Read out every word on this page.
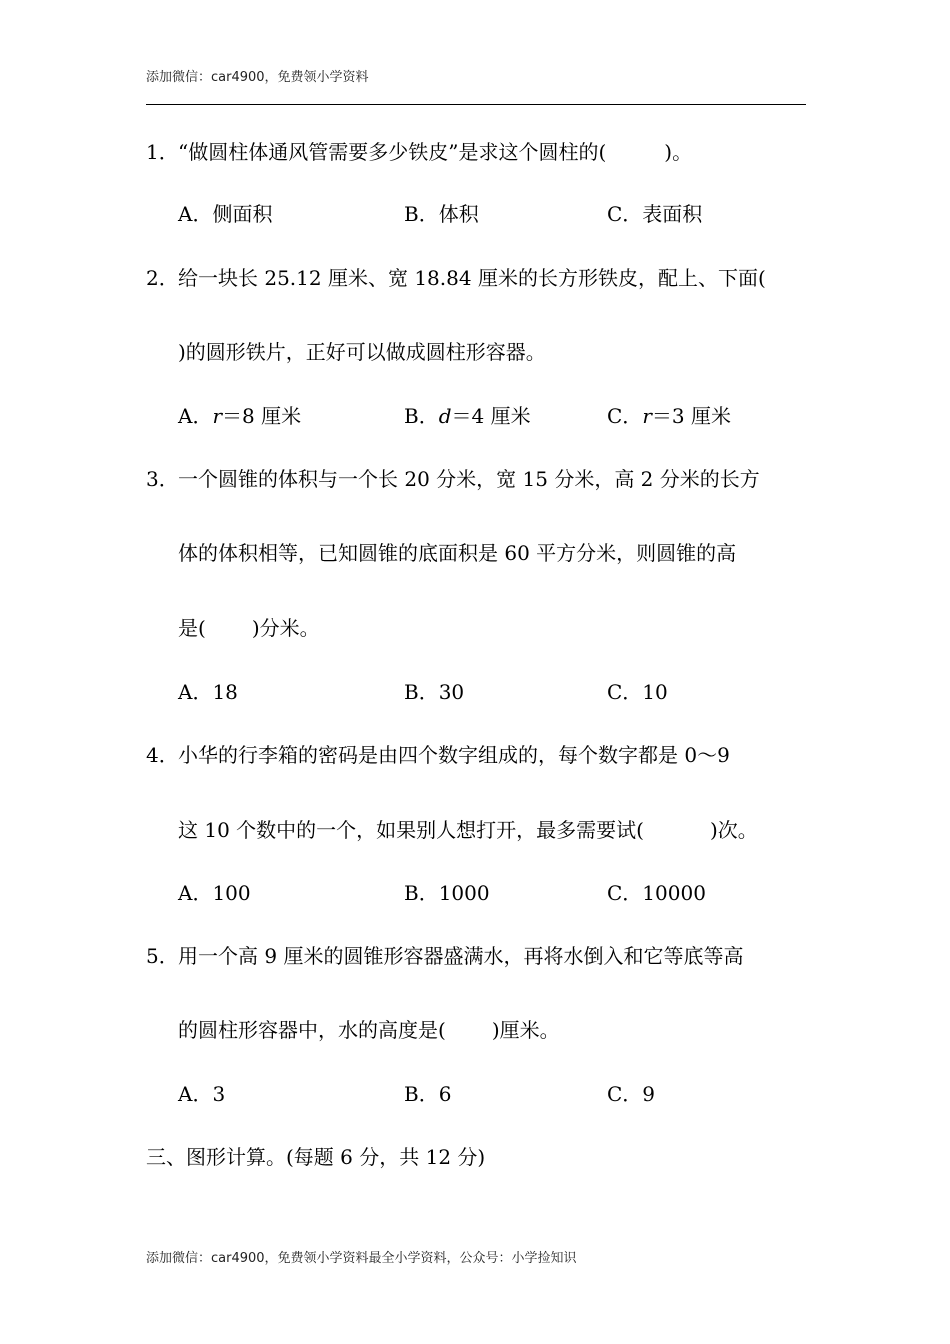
添加微信：car4900，免费领小学资料
1． “做圆柱体通风管需要多少铁皮”是求这个圆柱的(	)。
A．侧面积	B．体积	C．表面积
2． 给一块长 25.12 厘米、宽 18.84 厘米的长方形铁皮，配上、下面(
)的圆形铁片，正好可以做成圆柱形容器。
A．r＝8 厘米	B．d＝4 厘米	C．r＝3 厘米
3． 一个圆锥的体积与一个长 20 分米，宽 15 分米，高 2 分米的长方
体的体积相等，已知圆锥的底面积是 60 平方分米，则圆锥的高
是( )分米。
A．18	B．30	C．10
4． 小华的行李箱的密码是由四个数字组成的，每个数字都是 0～9
这 10 个数中的一个，如果别人想打开，最多需要试(	)次。
A．100	B．1000	C．10000
5． 用一个高 9 厘米的圆锥形容器盛满水，再将水倒入和它等底等高
的圆柱形容器中，水的高度是( )厘米。
A．3	B．6	C．9
三、图形计算。(每题 6 分，共 12 分)
添加微信：car4900，免费领小学资料最全小学资料，公众号：小学捡知识
